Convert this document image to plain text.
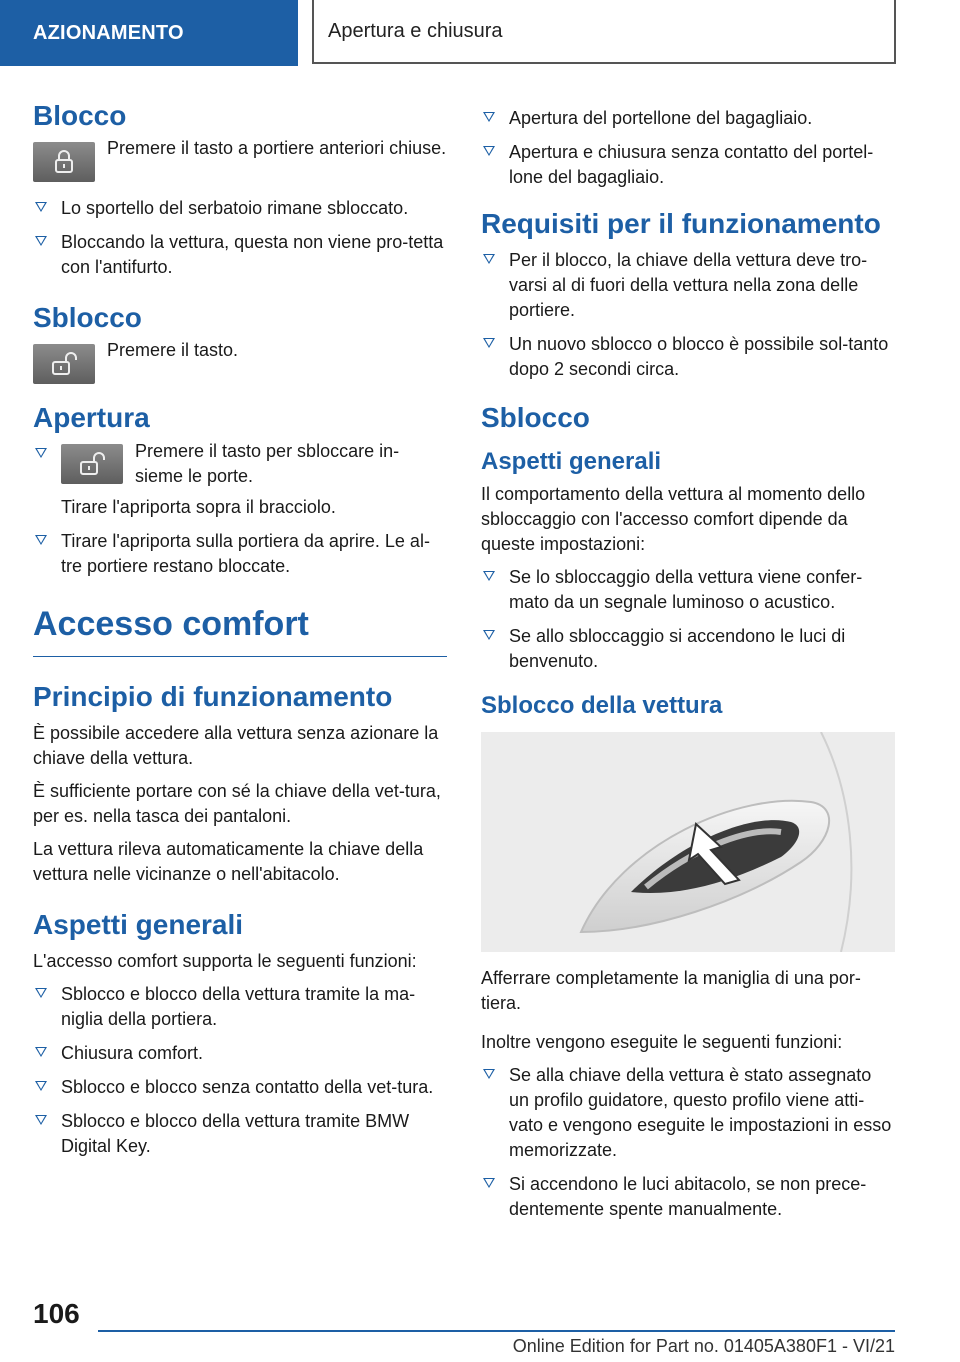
AZIONAMENTO	Apertura e chiusura
Blocco

Premere il tasto a portiere anteriori chiuse.

Lo sportello del serbatoio rimane sbloccato.
Bloccando la vettura, questa non viene pro-tetta con l'antifurto.
Sblocco

Premere il tasto.

Apertura
Premere il tasto per sbloccare in-sieme le porte.
Tirare l'apriporta sopra il bracciolo.
Tirare l'apriporta sulla portiera da aprire. Le al-tre portiere restano bloccate.
Accesso comfort
Principio di funzionamento

È possibile accedere alla vettura senza azionare la chiave della vettura.

È sufficiente portare con sé la chiave della vet-tura, per es. nella tasca dei pantaloni.

La vettura rileva automaticamente la chiave della vettura nelle vicinanze o nell'abitacolo.

Aspetti generali

L'accesso comfort supporta le seguenti funzioni:

Sblocco e blocco della vettura tramite la ma-niglia della portiera.
Chiusura comfort.
Sblocco e blocco senza contatto della vet-tura.
Sblocco e blocco della vettura tramite BMW Digital Key.
Apertura del portellone del bagagliaio.
Apertura e chiusura senza contatto del portel-lone del bagagliaio.
Requisiti per il funzionamento
Per il blocco, la chiave della vettura deve tro-varsi al di fuori della vettura nella zona delle portiere.
Un nuovo sblocco o blocco è possibile sol-tanto dopo 2 secondi circa.
Sblocco
Aspetti generali

Il comportamento della vettura al momento dello sbloccaggio con l'accesso comfort dipende da queste impostazioni:

Se lo sbloccaggio della vettura viene confer-mato da un segnale luminoso o acustico.
Se allo sbloccaggio si accendono le luci di benvenuto.
Sblocco della vettura

Afferrare completamente la maniglia di una por-tiera.

Inoltre vengono eseguite le seguenti funzioni:

Se alla chiave della vettura è stato assegnato un profilo guidatore, questo profilo viene atti-vato e vengono eseguite le impostazioni in esso memorizzate.
Si accendono le luci abitacolo, se non prece-dentemente spente manualmente.
106
Online Edition for Part no. 01405A380F1 - VI/21
